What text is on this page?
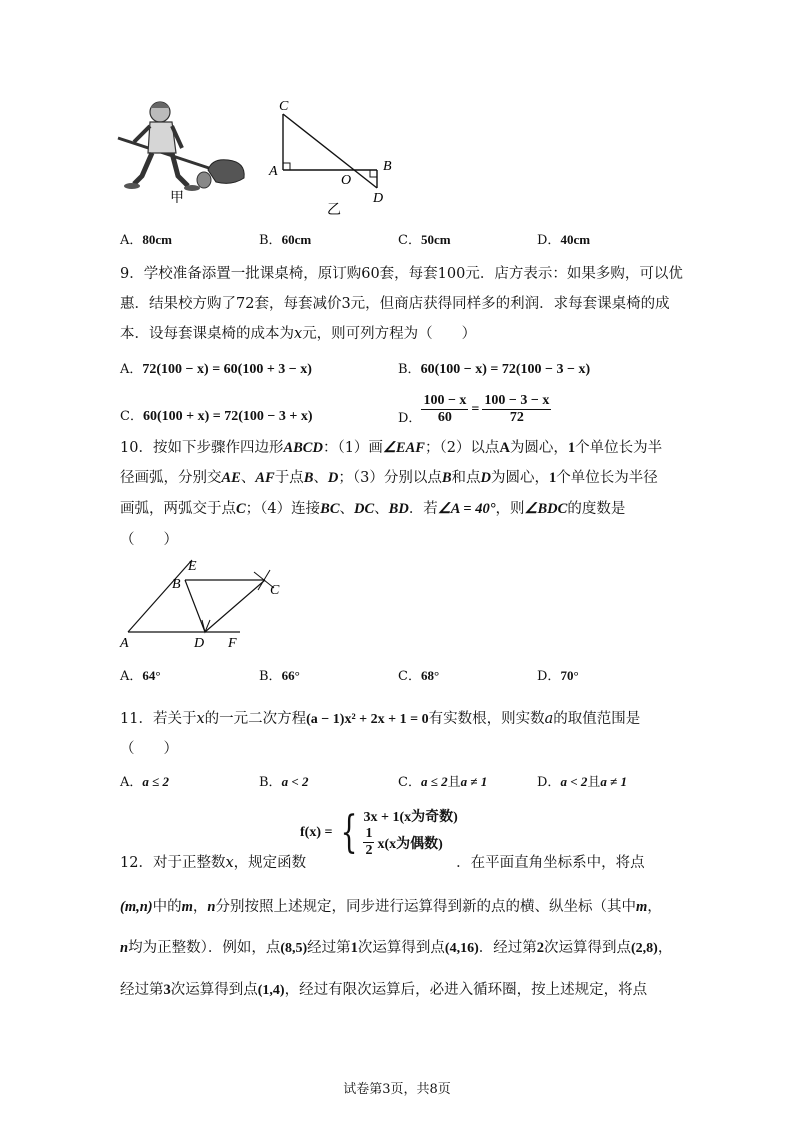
甲
C
A
O
B
D
乙
A．80cm	B．60cm	C．50cm	D．40cm
9．学校准备添置一批课桌椅，原订购60套，每套100元．店方表示：如果多购，可以优
惠．结果校方购了72套，每套减价3元，但商店获得同样多的利润．求每套课桌椅的成
本．设每套课桌椅的成本为x元，则可列方程为（　　）
A．72(100 − x) = 60(100 + 3 − x)	B．60(100 − x) = 72(100 − 3 − x)
C．60(100 + x) = 72(100 − 3 + x)	D． $\frac{100 - x}{60} = \frac{100 - 3 - x}{72}$
10．按如下步骤作四边形ABCD：（1）画∠EAF；（2）以点A为圆心，1个单位长为半
径画弧，分别交AE、AF于点B、D；（3）分别以点B和点D为圆心，1个单位长为半径
画弧，两弧交于点C；（4）连接BC、DC、BD．若∠A = 40°，则∠BDC的度数是
（　　）
E
B	C
A	D F
A．64°	B．66°	C．68°	D．70°
11．若关于x的一元二次方程(a − 1)x² + 2x + 1 = 0有实数根，则实数a的取值范围是
（　　）
A．a ≤ 2	B．a < 2	C．a ≤ 2且a ≠ 1	D．a < 2且a ≠ 1
f(x) = { 3x + 1(x为奇数)
$\frac{1}{2} x(x$为偶数)
12．对于正整数x，规定函数	．在平面直角坐标系中，将点
(m,n)中的m，n分别按照上述规定，同步进行运算得到新的点的横、纵坐标（其中m，
n均为正整数）．例如，点(8,5)经过第1次运算得到点(4,16)．经过第2次运算得到点(2,8)，
经过第3次运算得到点(1,4)，经过有限次运算后，必进入循环圈，按上述规定，将点
试卷第3页，共8页
